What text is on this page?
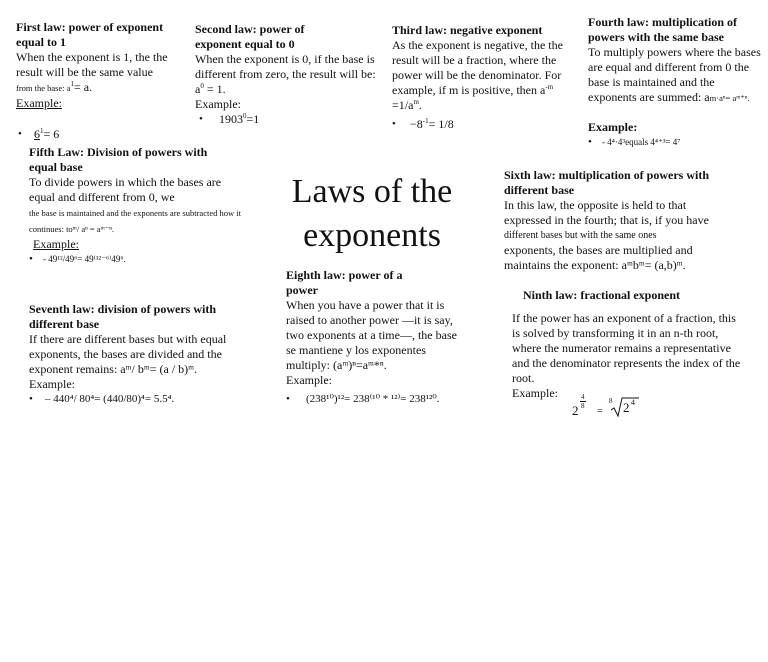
First law: power of exponent equal to 1
When the exponent is 1, the the result will be the same value
from the base: $a^1= a$.
Example:
• $6^1= 6$
Second law: power of exponent equal to 0
When the exponent is 0, if the base is different from zero, the result will be:
$a^0 = 1$.
Example:
• $1903^0=1$
Third law: negative exponent
As the exponent is negative, the the result will be a fraction, where the power will be the denominator. For example, if m is positive, then $a^{-m} =1/a^m$.
• $-8^{-1}= 1/8$
Fourth law: multiplication of powers with the same base
To multiply powers where the bases are equal and different from 0 the base is maintained and the exponents are summed: am·aⁿ= aᵐ⁺ⁿ.
Example:
• - 4⁴·4³equals 4⁴⁺³= 4⁷
Fifth Law: Division of powers with equal base
To divide powers in which the bases are equal and different from 0, we
the base is maintained and the exponents are subtracted how it continues: toᵐ/ aⁿ = aᵐ⁻ⁿ.
Example:
• - 49¹²/49⁶= 49⁽¹²⁻⁶⁾49⁶.
Laws of the exponents
Sixth law: multiplication of powers with different base
In this law, the opposite is held to that expressed in the fourth; that is, if you have
different bases but with the same ones
exponents, the bases are multiplied and maintains the exponent: aᵐbᵐ= (a,b)ᵐ.
Seventh law: division of powers with different base
If there are different bases but with equal exponents, the bases are divided and the exponent remains: aᵐ/ bᵐ= (a / b)ᵐ.
Example:
• – 440⁴/ 80⁴= (440/80)⁴= 5.5⁴.
Eighth law: power of a power
When you have a power that it is raised to another power —it is say, two exponents at a time—, the base se mantiene y los exponentes multiply: (aᵐ)ⁿ=aᵐ*ⁿ.
Example:
• (238¹⁰)¹²= 238⁽¹⁰ * ¹²⁾= 238¹²⁰.
Ninth law: fractional exponent
If the power has an exponent of a fraction, this is solved by transforming it in an n-th root, where the numerator remains a representative and the denominator represents the index of the root.
Example:
2
4
8 =
8 2 4
